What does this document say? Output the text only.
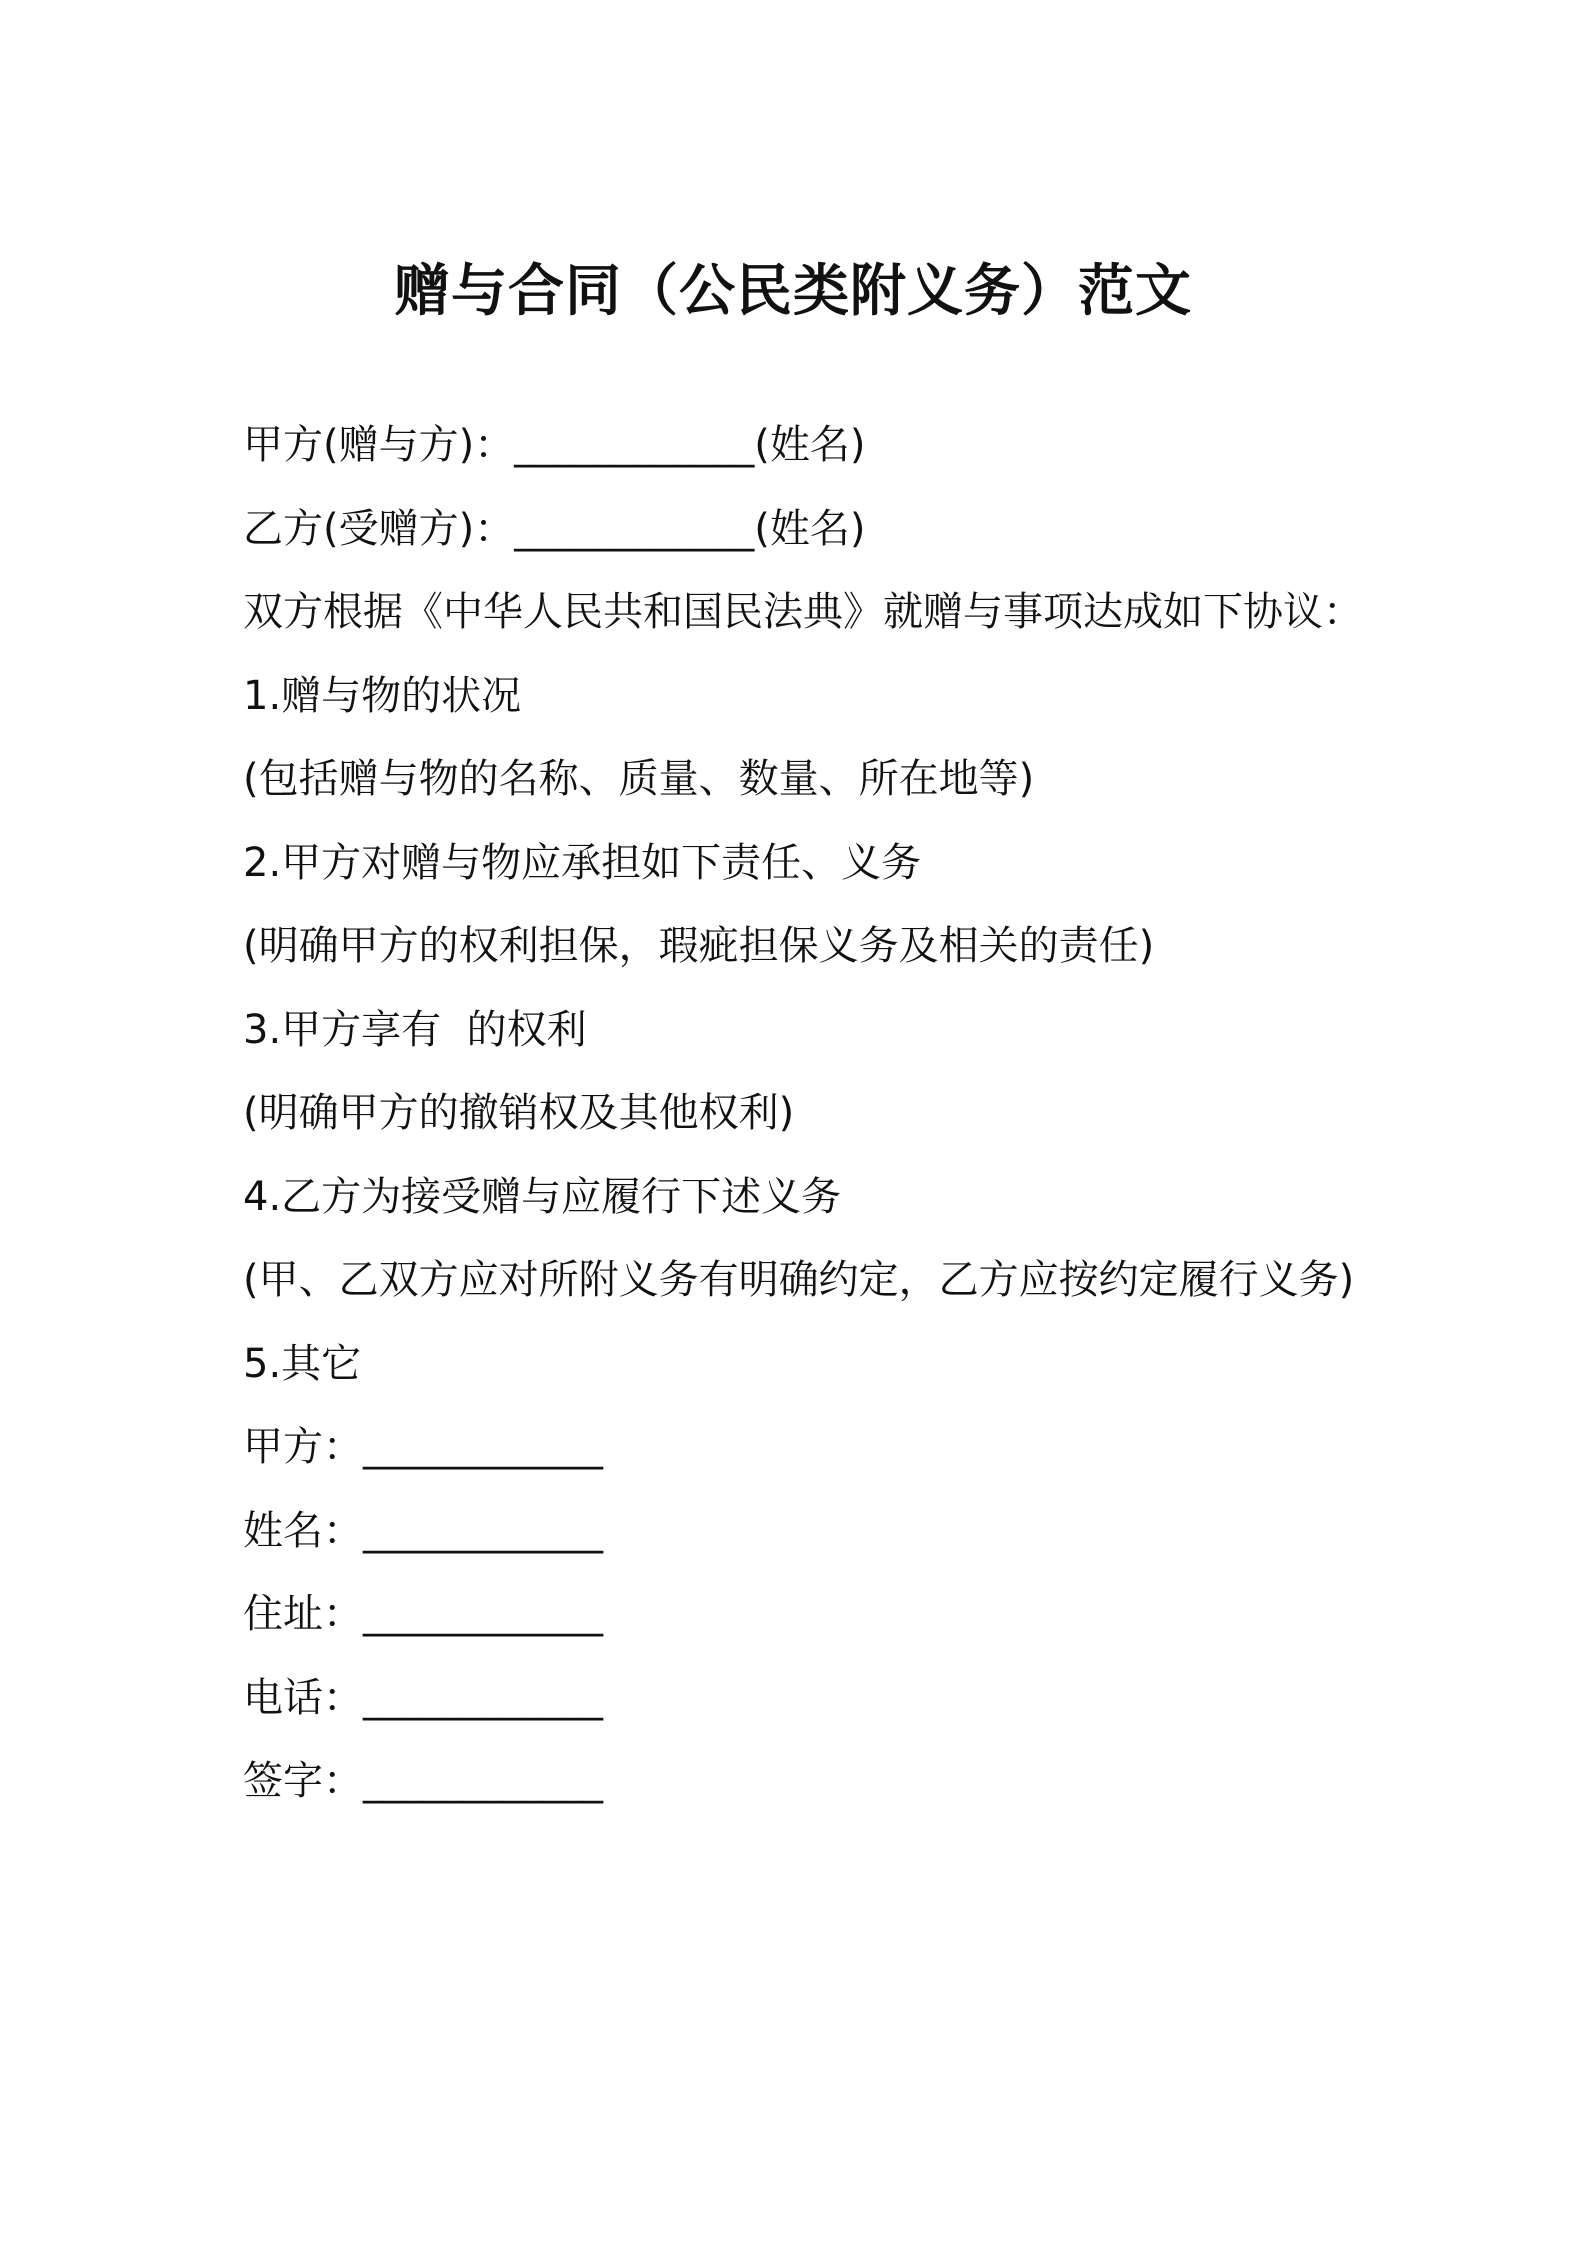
赠与合同（公民类附义务）范文
甲方(赠与方)：____________(姓名)
乙方(受赠方)：____________(姓名)
双方根据《中华人民共和国民法典》就赠与事项达成如下协议：
1.赠与物的状况
(包括赠与物的名称、质量、数量、所在地等)
2.甲方对赠与物应承担如下责任、义务
(明确甲方的权利担保，瑕疵担保义务及相关的责任)
3.甲方享有  的权利
(明确甲方的撤销权及其他权利)
4.乙方为接受赠与应履行下述义务
(甲、乙双方应对所附义务有明确约定，乙方应按约定履行义务)
5.其它
甲方：____________
姓名：____________
住址：____________
电话：____________
签字：____________
